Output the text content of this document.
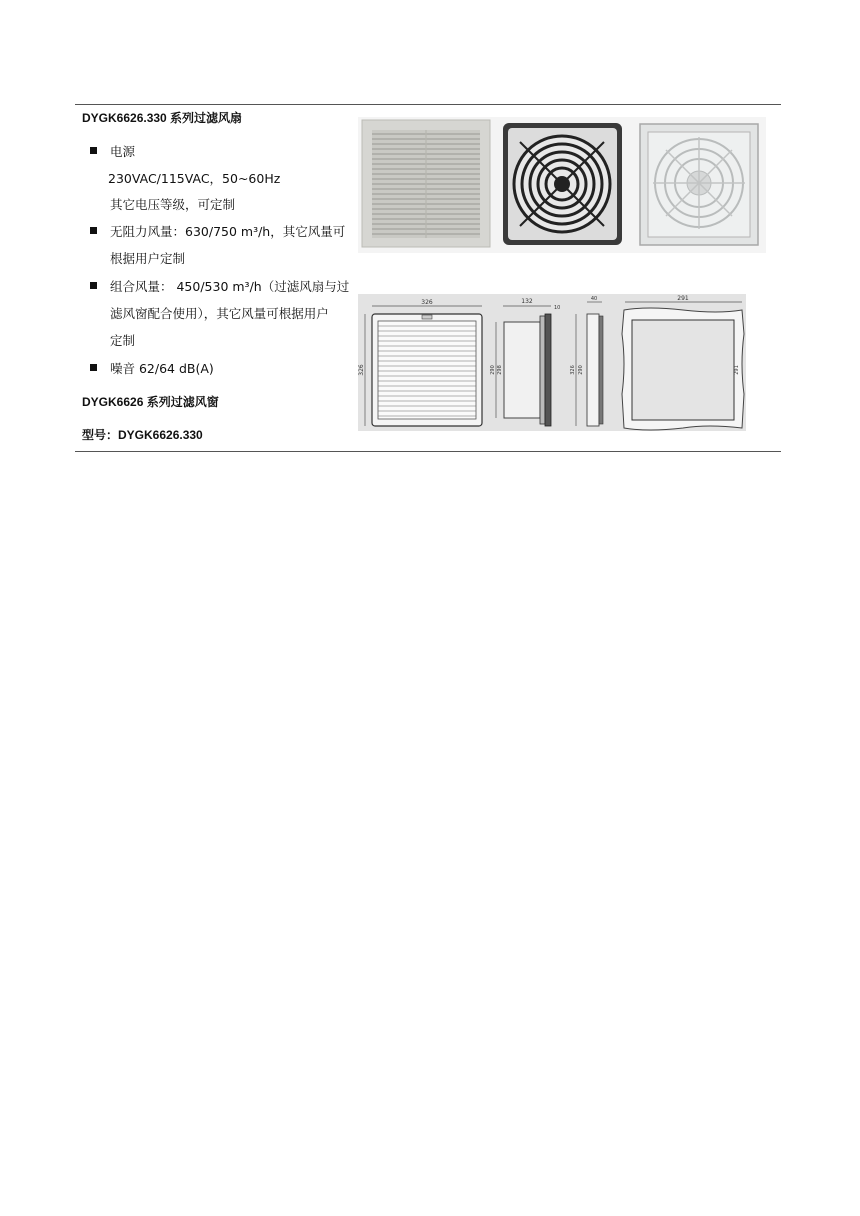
DYGK6626.330 系列过滤风扇
电源
230VAC/115VAC，50~60Hz
其它电压等级，可定制
无阻力风量：630/750 m³/h，其它风量可
根据用户定制
组合风量： 450/530 m³/h（过滤风扇与过
滤风窗配合使用），其它风量可根据用户
定制
噪音 62/64 dB(A)
DYGK6626 系列过滤风窗
型号：DYGK6626.330
326
326
132
10
290 298
40
326 290
291
291
